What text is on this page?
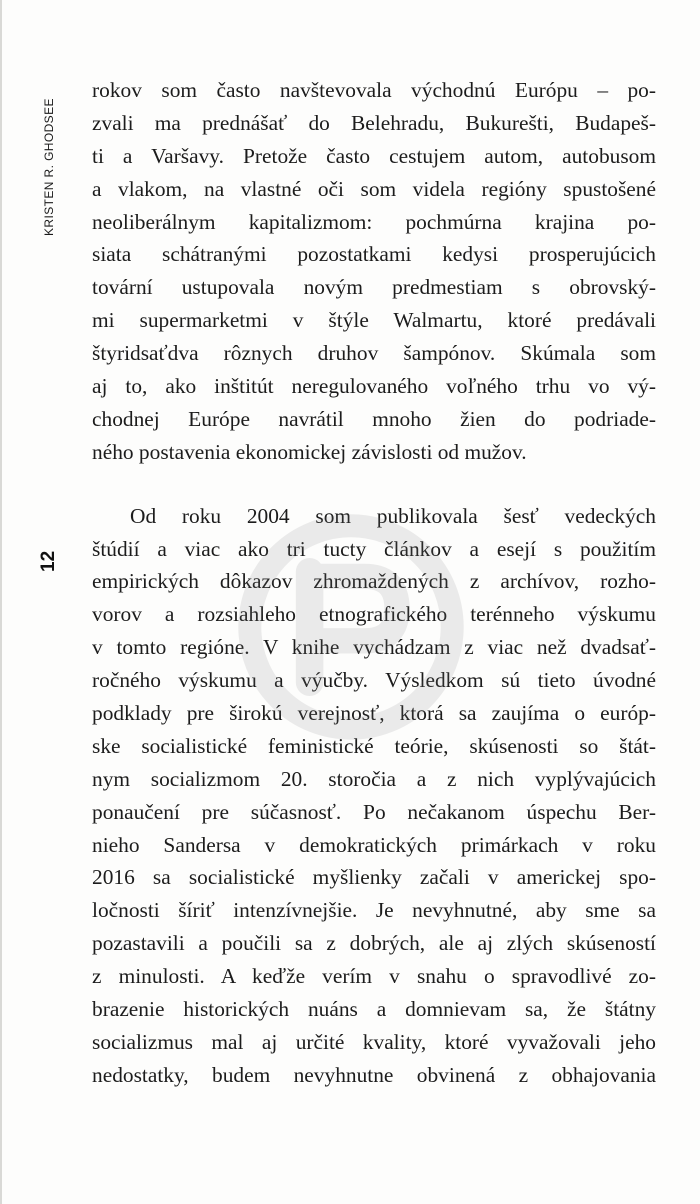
KRISTEN R. GHODSEE
12
rokov som často navštevovala východnú Európu – po-
zvali ma prednášať do Belehradu, Bukurešti, Budapeš-
ti a Varšavy. Pretože často cestujem autom, autobusom
a vlakom, na vlastné oči som videla regióny spustošené
neoliberálnym kapitalizmom: pochmúrna krajina po-
siata schátranými pozostatkami kedysi prosperujúcich
tovární ustupovala novým predmestiam s obrovský-
mi supermarketmi v štýle Walmartu, ktoré predávali
štyridsaťdva rôznych druhov šampónov. Skúmala som
aj to, ako inštitút neregulovaného voľného trhu vo vý-
chodnej Európe navrátil mnoho žien do podriade-
ného postavenia ekonomickej závislosti od mužov.
Od roku 2004 som publikovala šesť vedeckých
štúdií a viac ako tri tucty článkov a esejí s použitím
empirických dôkazov zhromaždených z archívov, rozho-
vorov a rozsiahleho etnografického terénneho výskumu
v tomto regióne. V knihe vychádzam z viac než dvadsať-
ročného výskumu a výučby. Výsledkom sú tieto úvodné
podklady pre širokú verejnosť, ktorá sa zaujíma o európ-
ske socialistické feministické teórie, skúsenosti so štát-
nym socializmom 20. storočia a z nich vyplývajúcich
ponaučení pre súčasnosť. Po nečakanom úspechu Ber-
nieho Sandersa v demokratických primárkach v roku
2016 sa socialistické myšlienky začali v americkej spo-
ločnosti šíriť intenzívnejšie. Je nevyhnutné, aby sme sa
pozastavili a poučili sa z dobrých, ale aj zlých skúseností
z minulosti. A keďže verím v snahu o spravodlivé zo-
brazenie historických nuáns a domnievam sa, že štátny
socializmus mal aj určité kvality, ktoré vyvažovali jeho
nedostatky, budem nevyhnutne obvinená z obhajovania
